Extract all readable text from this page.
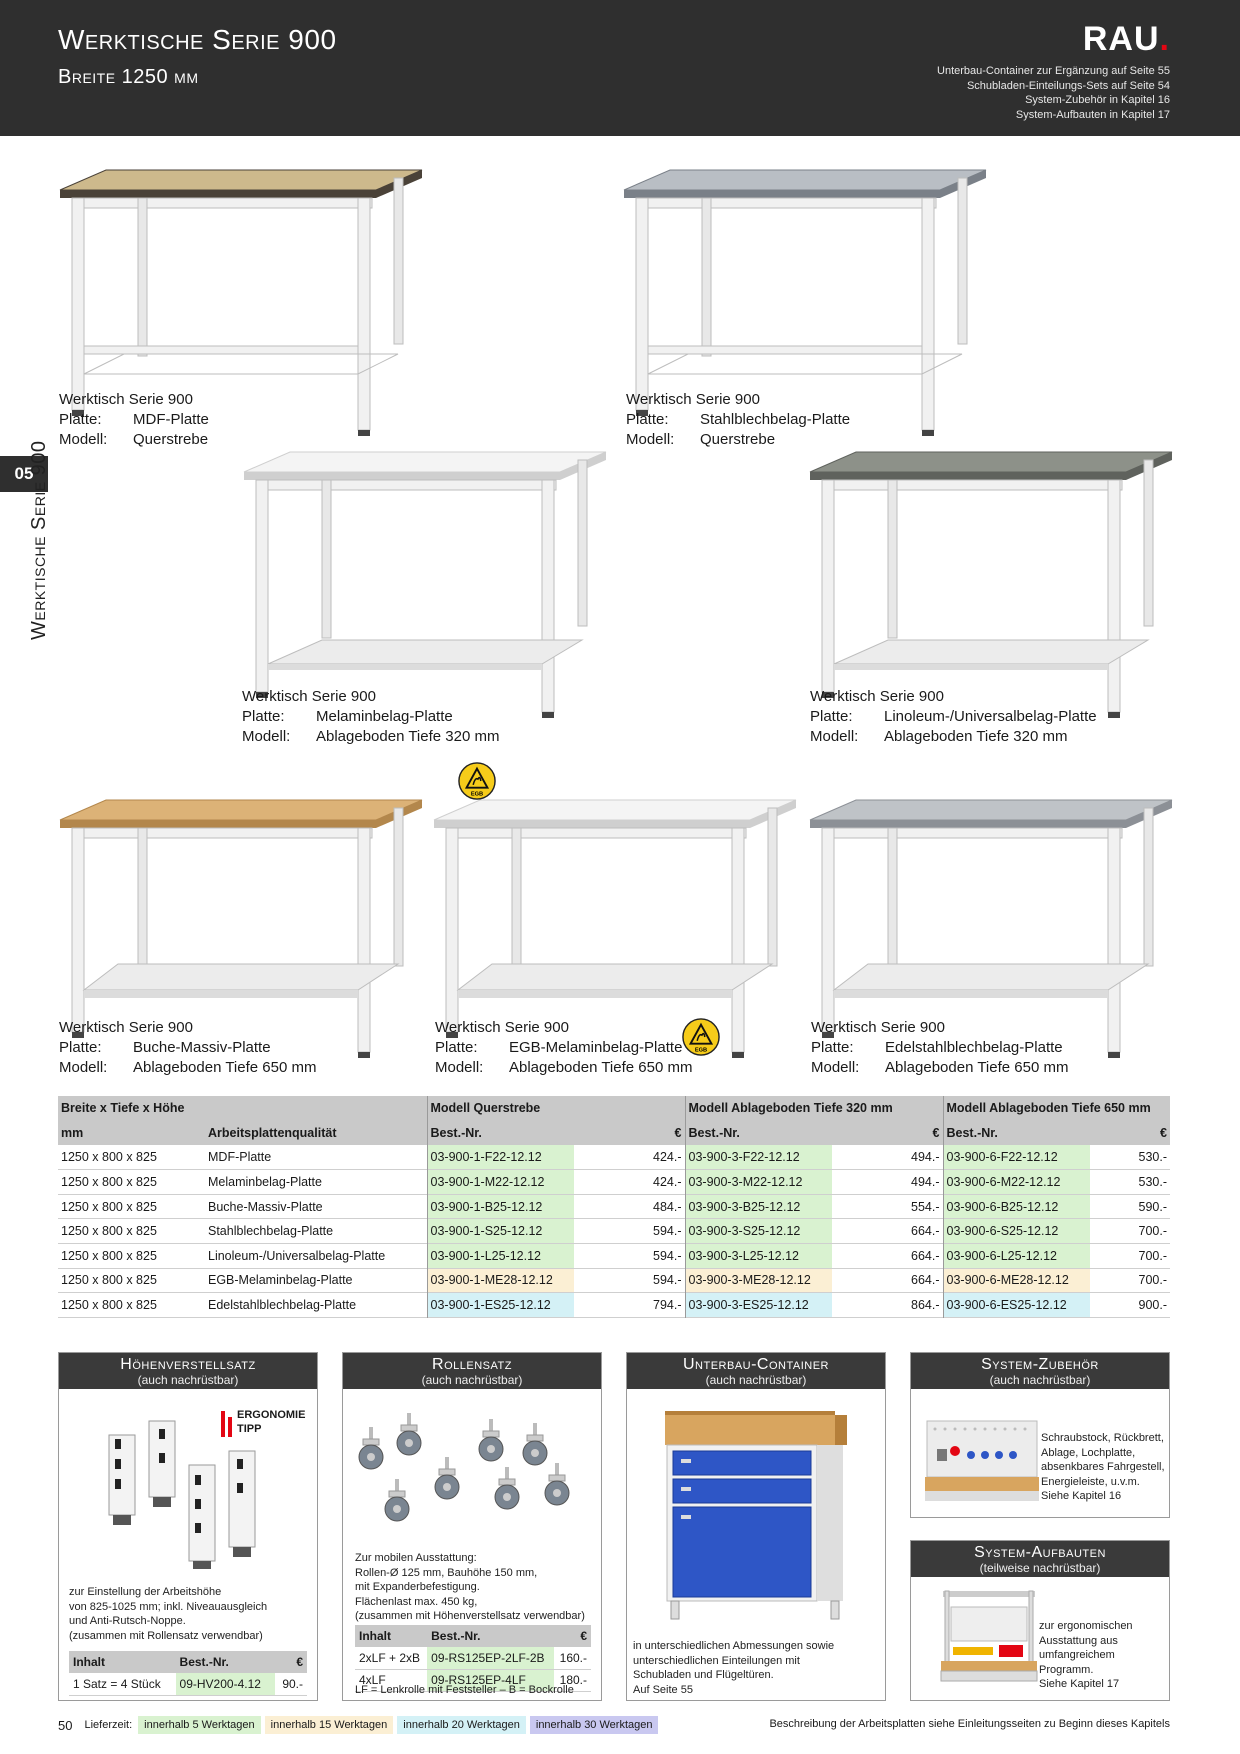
Werktische Serie 900
Breite 1250 mm
RAU.
Unterbau-Container zur Ergänzung auf Seite 55
Schubladen-Einteilungs-Sets auf Seite 54
System-Zubehör in Kapitel 16
System-Aufbauten in Kapitel 17
05
Werktische Serie 900
EGB
EGB
Werktisch Serie 900
Platte:	MDF-Platte
Modell:	Querstrebe
Werktisch Serie 900
Platte:	Stahlblechbelag-Platte
Modell:	Querstrebe
Werktisch Serie 900
Platte:	Melaminbelag-Platte
Modell:	Ablageboden Tiefe 320 mm
Werktisch Serie 900
Platte:	Linoleum-/Universalbelag-Platte
Modell:	Ablageboden Tiefe 320 mm
Werktisch Serie 900
Platte:	Buche-Massiv-Platte
Modell:	Ablageboden Tiefe 650 mm
Werktisch Serie 900
Platte:	EGB-Melaminbelag-Platte
Modell:	Ablageboden Tiefe 650 mm
Werktisch Serie 900
Platte:	Edelstahlblechbelag-Platte
Modell:	Ablageboden Tiefe 650 mm
Breite x Tiefe x Höhe		Modell Querstrebe		Modell Ablageboden Tiefe 320 mm		Modell Ablageboden Tiefe 650 mm	
mm	Arbeitsplattenqualität	Best.-Nr.	€	Best.-Nr.	€	Best.-Nr.	€
1250 x 800 x 825	MDF-Platte	03-900-1-F22-12.12	424.-	03-900-3-F22-12.12	494.-	03-900-6-F22-12.12	530.-
1250 x 800 x 825	Melaminbelag-Platte	03-900-1-M22-12.12	424.-	03-900-3-M22-12.12	494.-	03-900-6-M22-12.12	530.-
1250 x 800 x 825	Buche-Massiv-Platte	03-900-1-B25-12.12	484.-	03-900-3-B25-12.12	554.-	03-900-6-B25-12.12	590.-
1250 x 800 x 825	Stahlblechbelag-Platte	03-900-1-S25-12.12	594.-	03-900-3-S25-12.12	664.-	03-900-6-S25-12.12	700.-
1250 x 800 x 825	Linoleum-/Universalbelag-Platte	03-900-1-L25-12.12	594.-	03-900-3-L25-12.12	664.-	03-900-6-L25-12.12	700.-
1250 x 800 x 825	EGB-Melaminbelag-Platte	03-900-1-ME28-12.12	594.-	03-900-3-ME28-12.12	664.-	03-900-6-ME28-12.12	700.-
1250 x 800 x 825	Edelstahlblechbelag-Platte	03-900-1-ES25-12.12	794.-	03-900-3-ES25-12.12	864.-	03-900-6-ES25-12.12	900.-
Höhenverstellsatz
(auch nachrüstbar)
ERGONOMIE
TIPP
zur Einstellung der Arbeitshöhe
von 825-1025 mm; inkl. Niveauausgleich
und Anti-Rutsch-Noppe.
(zusammen mit Rollensatz verwendbar)
Inhalt	Best.-Nr.	€
1 Satz = 4 Stück	09-HV200-4.12	90.-
Rollensatz
(auch nachrüstbar)
Zur mobilen Ausstattung:
Rollen-Ø 125 mm, Bauhöhe 150 mm,
mit Expanderbefestigung.
Flächenlast max. 450 kg,
(zusammen mit Höhenverstellsatz verwendbar)
Inhalt	Best.-Nr.	€
2xLF + 2xB	09-RS125EP-2LF-2B	160.-
4xLF	09-RS125EP-4LF	180.-
LF = Lenkrolle mit Feststeller – B = Bockrolle
Unterbau-Container
(auch nachrüstbar)
in unterschiedlichen Abmessungen sowie
unterschiedlichen Einteilungen mit
Schubladen und Flügeltüren.
Auf Seite 55
System-Zubehör
(auch nachrüstbar)
Schraubstock, Rückbrett,
Ablage, Lochplatte,
absenkbares Fahrgestell,
Energieleiste, u.v.m.
Siehe Kapitel 16
System-Aufbauten
(teilweise nachrüstbar)
zur ergonomischen
Ausstattung aus
umfangreichem
Programm.
Siehe Kapitel 17
50 Lieferzeit:	innerhalb 5 Werktagen	innerhalb 15 Werktagen	innerhalb 20 Werktagen	innerhalb 30 Werktagen	Beschreibung der Arbeitsplatten siehe Einleitungsseiten zu Beginn dieses Kapitels
